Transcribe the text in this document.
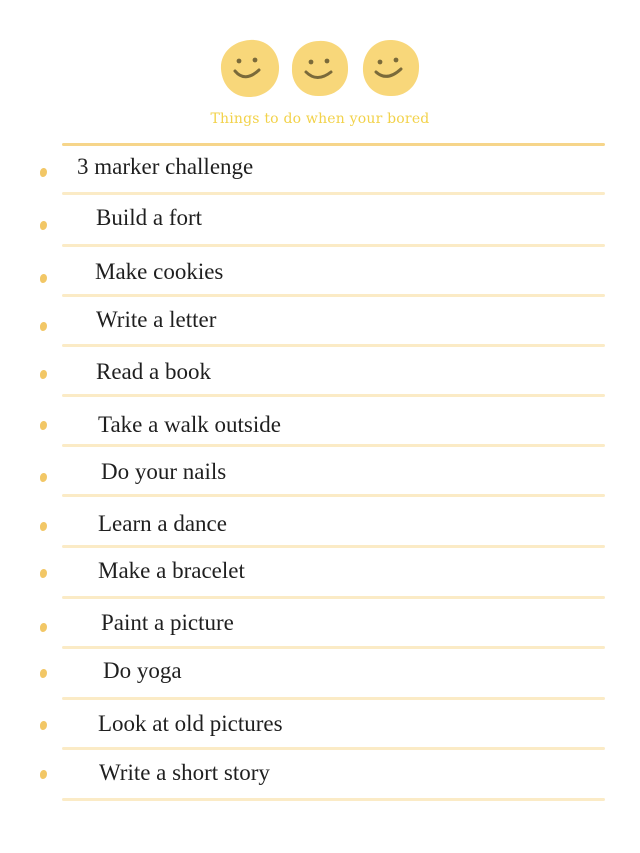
Things to do when your bored
3 marker challenge
Build a fort
Make cookies
Write a letter
Read a book
Take a walk outside
Do your nails
Learn a dance
Make a bracelet
Paint a picture
Do yoga
Look at old pictures
Write a short story
